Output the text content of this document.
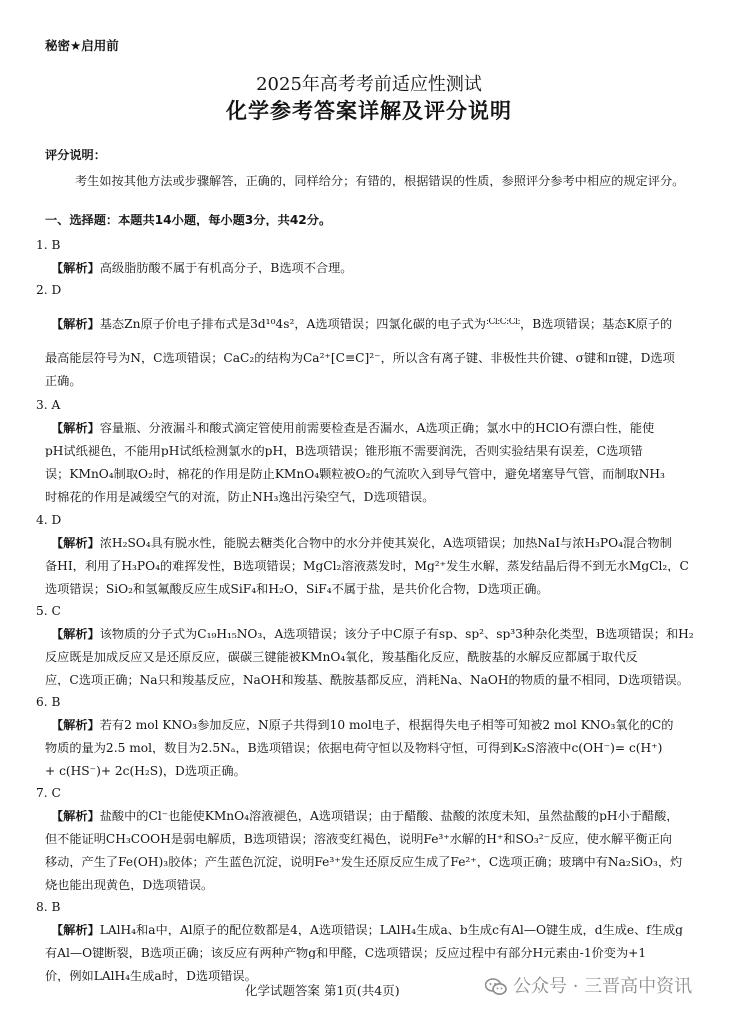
秘密★启用前
2025年高考考前适应性测试
化学参考答案详解及评分说明
评分说明：
考生如按其他方法或步骤解答，正确的，同样给分；有错的，根据错误的性质，参照评分参考中相应的规定评分。
一、选择题：本题共14小题，每小题3分，共42分。
1. B
【解析】高级脂肪酸不属于有机高分子，B选项不合理。
2. D
【解析】基态Zn原子价电子排布式是3d¹⁰4s²，A选项错误；四氯化碳的电子式为:Cl:C:Cl:，B选项错误；基态K原子的
最高能层符号为N，C选项错误；CaC₂的结构为Ca²⁺[C≡C]²⁻，所以含有离子键、非极性共价键、σ键和π键，D选项
正确。
3. A
【解析】容量瓶、分液漏斗和酸式滴定管使用前需要检查是否漏水，A选项正确；氯水中的HClO有漂白性，能使
pH试纸褪色，不能用pH试纸检测氯水的pH，B选项错误；锥形瓶不需要润洗，否则实验结果有误差，C选项错
误；KMnO₄制取O₂时，棉花的作用是防止KMnO₄颗粒被O₂的气流吹入到导气管中，避免堵塞导气管，而制取NH₃
时棉花的作用是减缓空气的对流，防止NH₃逸出污染空气，D选项错误。
4. D
【解析】浓H₂SO₄具有脱水性，能脱去糖类化合物中的水分并使其炭化，A选项错误；加热NaI与浓H₃PO₄混合物制
备HI，利用了H₃PO₄的难挥发性，B选项错误；MgCl₂溶液蒸发时，Mg²⁺发生水解，蒸发结晶后得不到无水MgCl₂，C
选项错误；SiO₂和氢氟酸反应生成SiF₄和H₂O，SiF₄不属于盐，是共价化合物，D选项正确。
5. C
【解析】该物质的分子式为C₁₉H₁₅NO₃，A选项错误；该分子中C原子有sp、sp²、sp³3种杂化类型，B选项错误；和H₂
反应既是加成反应又是还原反应，碳碳三键能被KMnO₄氧化，羧基酯化反应，酰胺基的水解反应都属于取代反
应，C选项正确；Na只和羧基反应，NaOH和羧基、酰胺基都反应，消耗Na、NaOH的物质的量不相同，D选项错误。
6. B
【解析】若有2 mol KNO₃参加反应，N原子共得到10 mol电子，根据得失电子相等可知被2 mol KNO₃氧化的C的
物质的量为2.5 mol，数目为2.5Nₐ，B选项错误；依据电荷守恒以及物料守恒，可得到K₂S溶液中c(OH⁻)= c(H⁺)
+ c(HS⁻)+ 2c(H₂S)，D选项正确。
7. C
【解析】盐酸中的Cl⁻也能使KMnO₄溶液褪色，A选项错误；由于醋酸、盐酸的浓度未知，虽然盐酸的pH小于醋酸，
但不能证明CH₃COOH是弱电解质，B选项错误；溶液变红褐色，说明Fe³⁺水解的H⁺和SO₃²⁻反应，使水解平衡正向
移动，产生了Fe(OH)₃胶体；产生蓝色沉淀，说明Fe³⁺发生还原反应生成了Fe²⁺，C选项正确；玻璃中有Na₂SiO₃，灼
烧也能出现黄色，D选项错误。
8. B
【解析】LAlH₄和a中，Al原子的配位数都是4，A选项错误；LAlH₄生成a、b生成c有Al—O键生成，d生成e、f生成g
有Al—O键断裂，B选项正确；该反应有两种产物g和甲醛，C选项错误；反应过程中有部分H元素由-1价变为+1
价，例如LAlH₄生成a时，D选项错误。
化学试题答案 第1页(共4页)	公众号 · 三晋高中资讯
